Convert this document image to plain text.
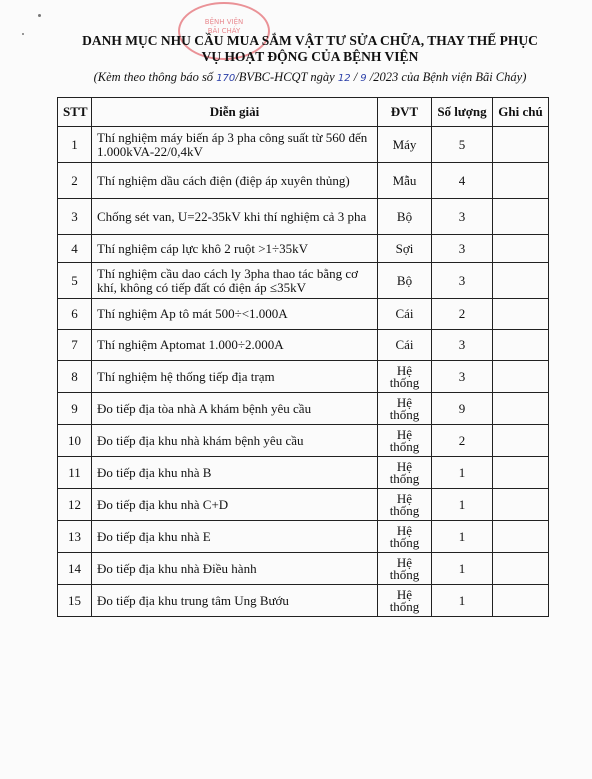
BỆNH VIỆN
BÃI CHÁY
DANH MỤC NHU CẦU MUA SẮM VẬT TƯ SỬA CHỮA, THAY THẾ PHỤC
VỤ HOẠT ĐỘNG CỦA BỆNH VIỆN
(Kèm theo thông báo số 170/BVBC-HCQT ngày 12 / 9 /2023 của Bệnh viện Bãi Cháy)
STT	Diễn giải	ĐVT	Số lượng	Ghi chú
1	Thí nghiệm máy biến áp 3 pha công suất từ 560 đến 1.000kVA-22/0,4kV	Máy	5	
2	Thí nghiệm dầu cách điện (điệp áp xuyên thủng)	Mẫu	4	
3	Chống sét van, U=22-35kV khi thí nghiệm cả 3 pha	Bộ	3	
4	Thí nghiệm cáp lực khô 2 ruột >1÷35kV	Sợi	3	
5	Thí nghiệm cầu dao cách ly 3pha thao tác bằng cơ khí, không có tiếp đất có điện áp ≤35kV	Bộ	3	
6	Thí nghiệm Ap tô mát 500÷<1.000A	Cái	2	
7	Thí nghiệm Aptomat 1.000÷2.000A	Cái	3	
8	Thí nghiệm hệ thống tiếp địa trạm	Hệ thống	3	
9	Đo tiếp địa tòa nhà A khám bệnh yêu cầu	Hệ thống	9	
10	Đo tiếp địa khu nhà khám bệnh yêu cầu	Hệ thống	2	
11	Đo tiếp địa khu nhà B	Hệ thống	1	
12	Đo tiếp địa khu nhà C+D	Hệ thống	1	
13	Đo tiếp địa khu nhà E	Hệ thống	1	
14	Đo tiếp địa khu nhà Điều hành	Hệ thống	1	
15	Đo tiếp địa khu trung tâm Ung Bướu	Hệ thống	1	
